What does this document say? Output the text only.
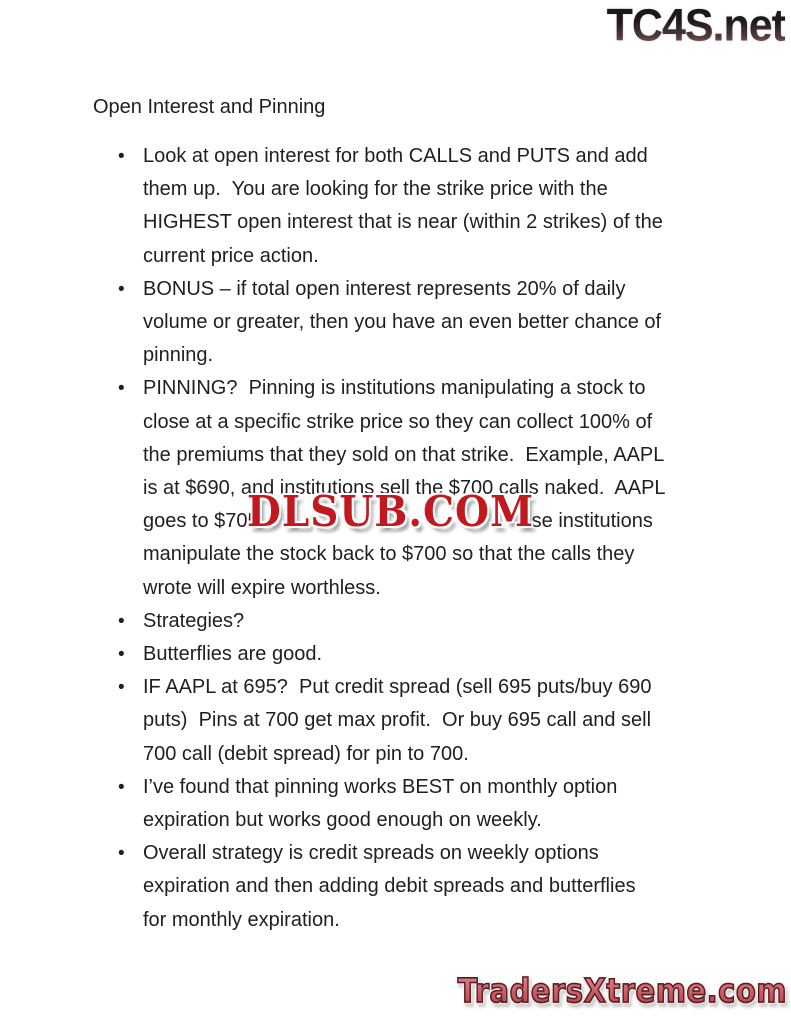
TC4S.net
Open Interest and Pinning
• Look at open interest for both CALLS and PUTS and add
them up.  You are looking for the strike price with the
HIGHEST open interest that is near (within 2 strikes) of the
current price action.
• BONUS – if total open interest represents 20% of daily
volume or greater, then you have an even better chance of
pinning.
• PINNING?  Pinning is institutions manipulating a stock to
close at a specific strike price so they can collect 100% of
the premiums that they sold on that strike.  Example, AAPL
is at $690, and institutions sell the $700 calls naked.  AAPL
goes to $705	se institutions
manipulate the stock back to $700 so that the calls they
wrote will expire worthless.
• Strategies?
• Butterflies are good.
• IF AAPL at 695?  Put credit spread (sell 695 puts/buy 690
puts)  Pins at 700 get max profit.  Or buy 695 call and sell
700 call (debit spread) for pin to 700.
• I’ve found that pinning works BEST on monthly option
expiration but works good enough on weekly.
• Overall strategy is credit spreads on weekly options
expiration and then adding debit spreads and butterflies
for monthly expiration.
DLSUB.COM
TradersXtreme.com
